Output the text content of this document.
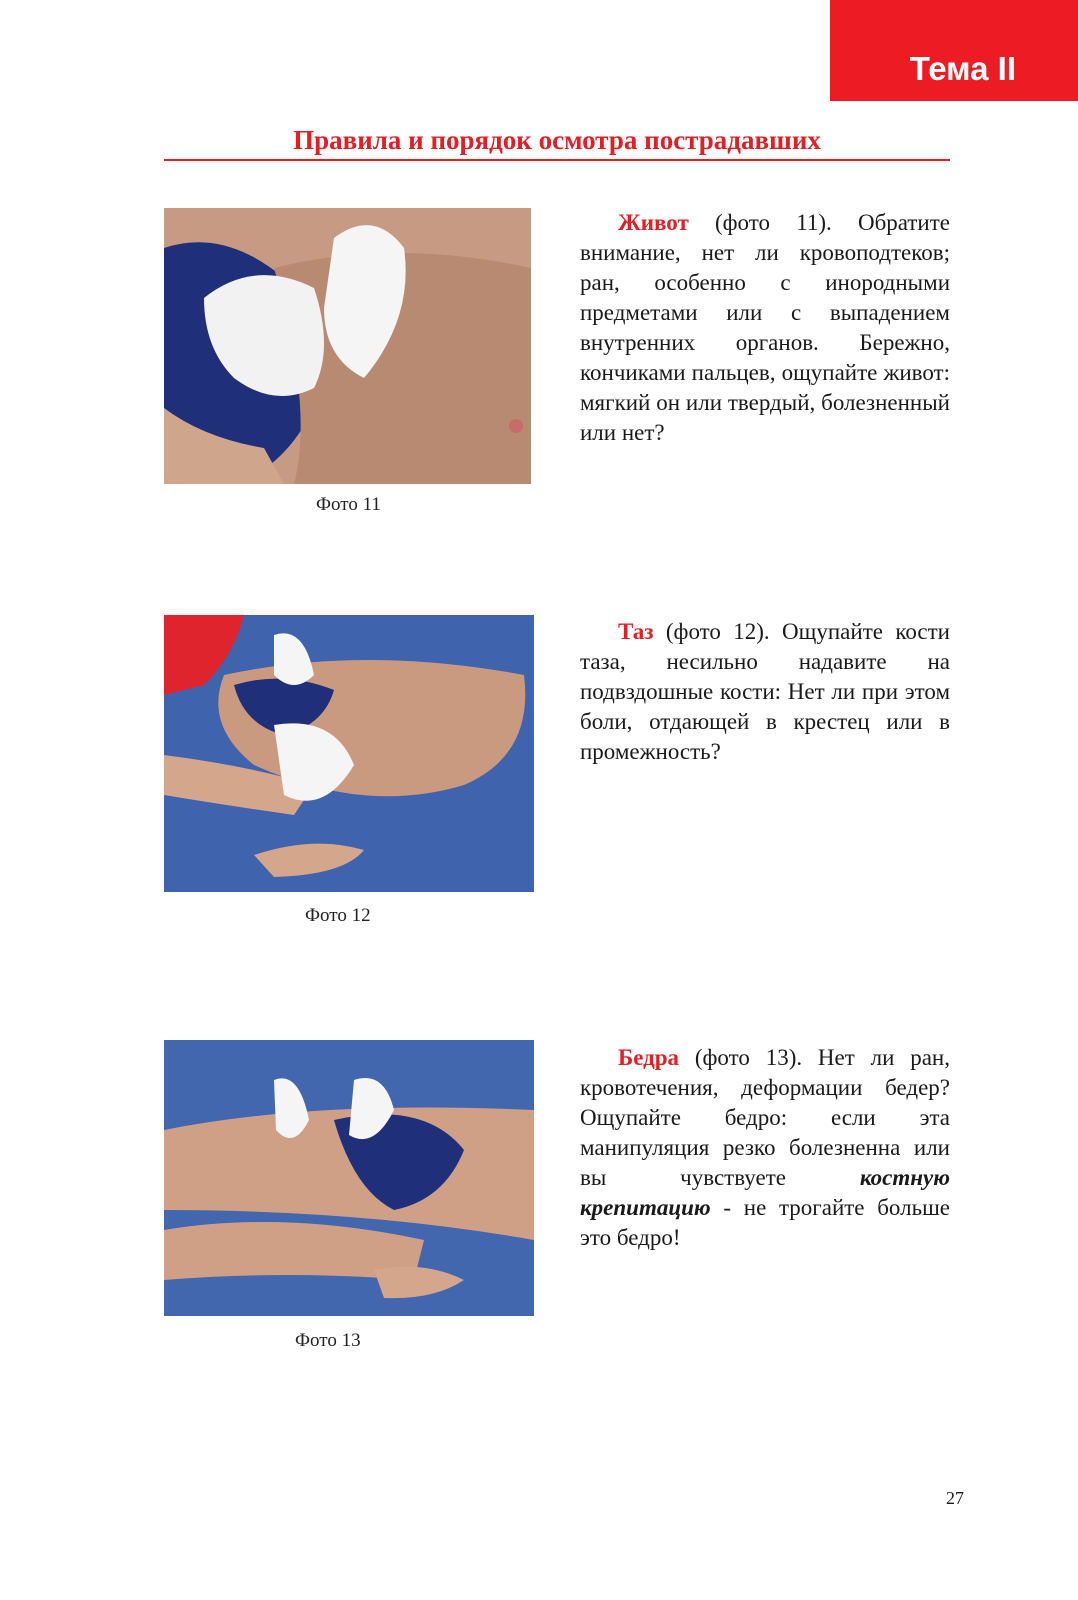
Тема II
Правила и порядок осмотра пострадавших
Фото 11

Живот (фото 11). Обратите внимание, нет ли кровоподтеков; ран, особенно с инородными предметами или с выпадением внутренних органов. Бережно, кончиками пальцев, ощупайте живот: мягкий он или твердый, болезненный или нет?

Фото 12

Таз (фото 12). Ощупайте кости таза, несильно надавите на подвздошные кости: Нет ли при этом боли, отдающей в крестец или в промежность?

Фото 13

Бедра (фото 13). Нет ли ран, кровотечения, деформации бедер? Ощупайте бедро: если эта манипуляция резко болезненна или вы чувствуете костную крепитацию - не трогайте больше это бедро!

27
